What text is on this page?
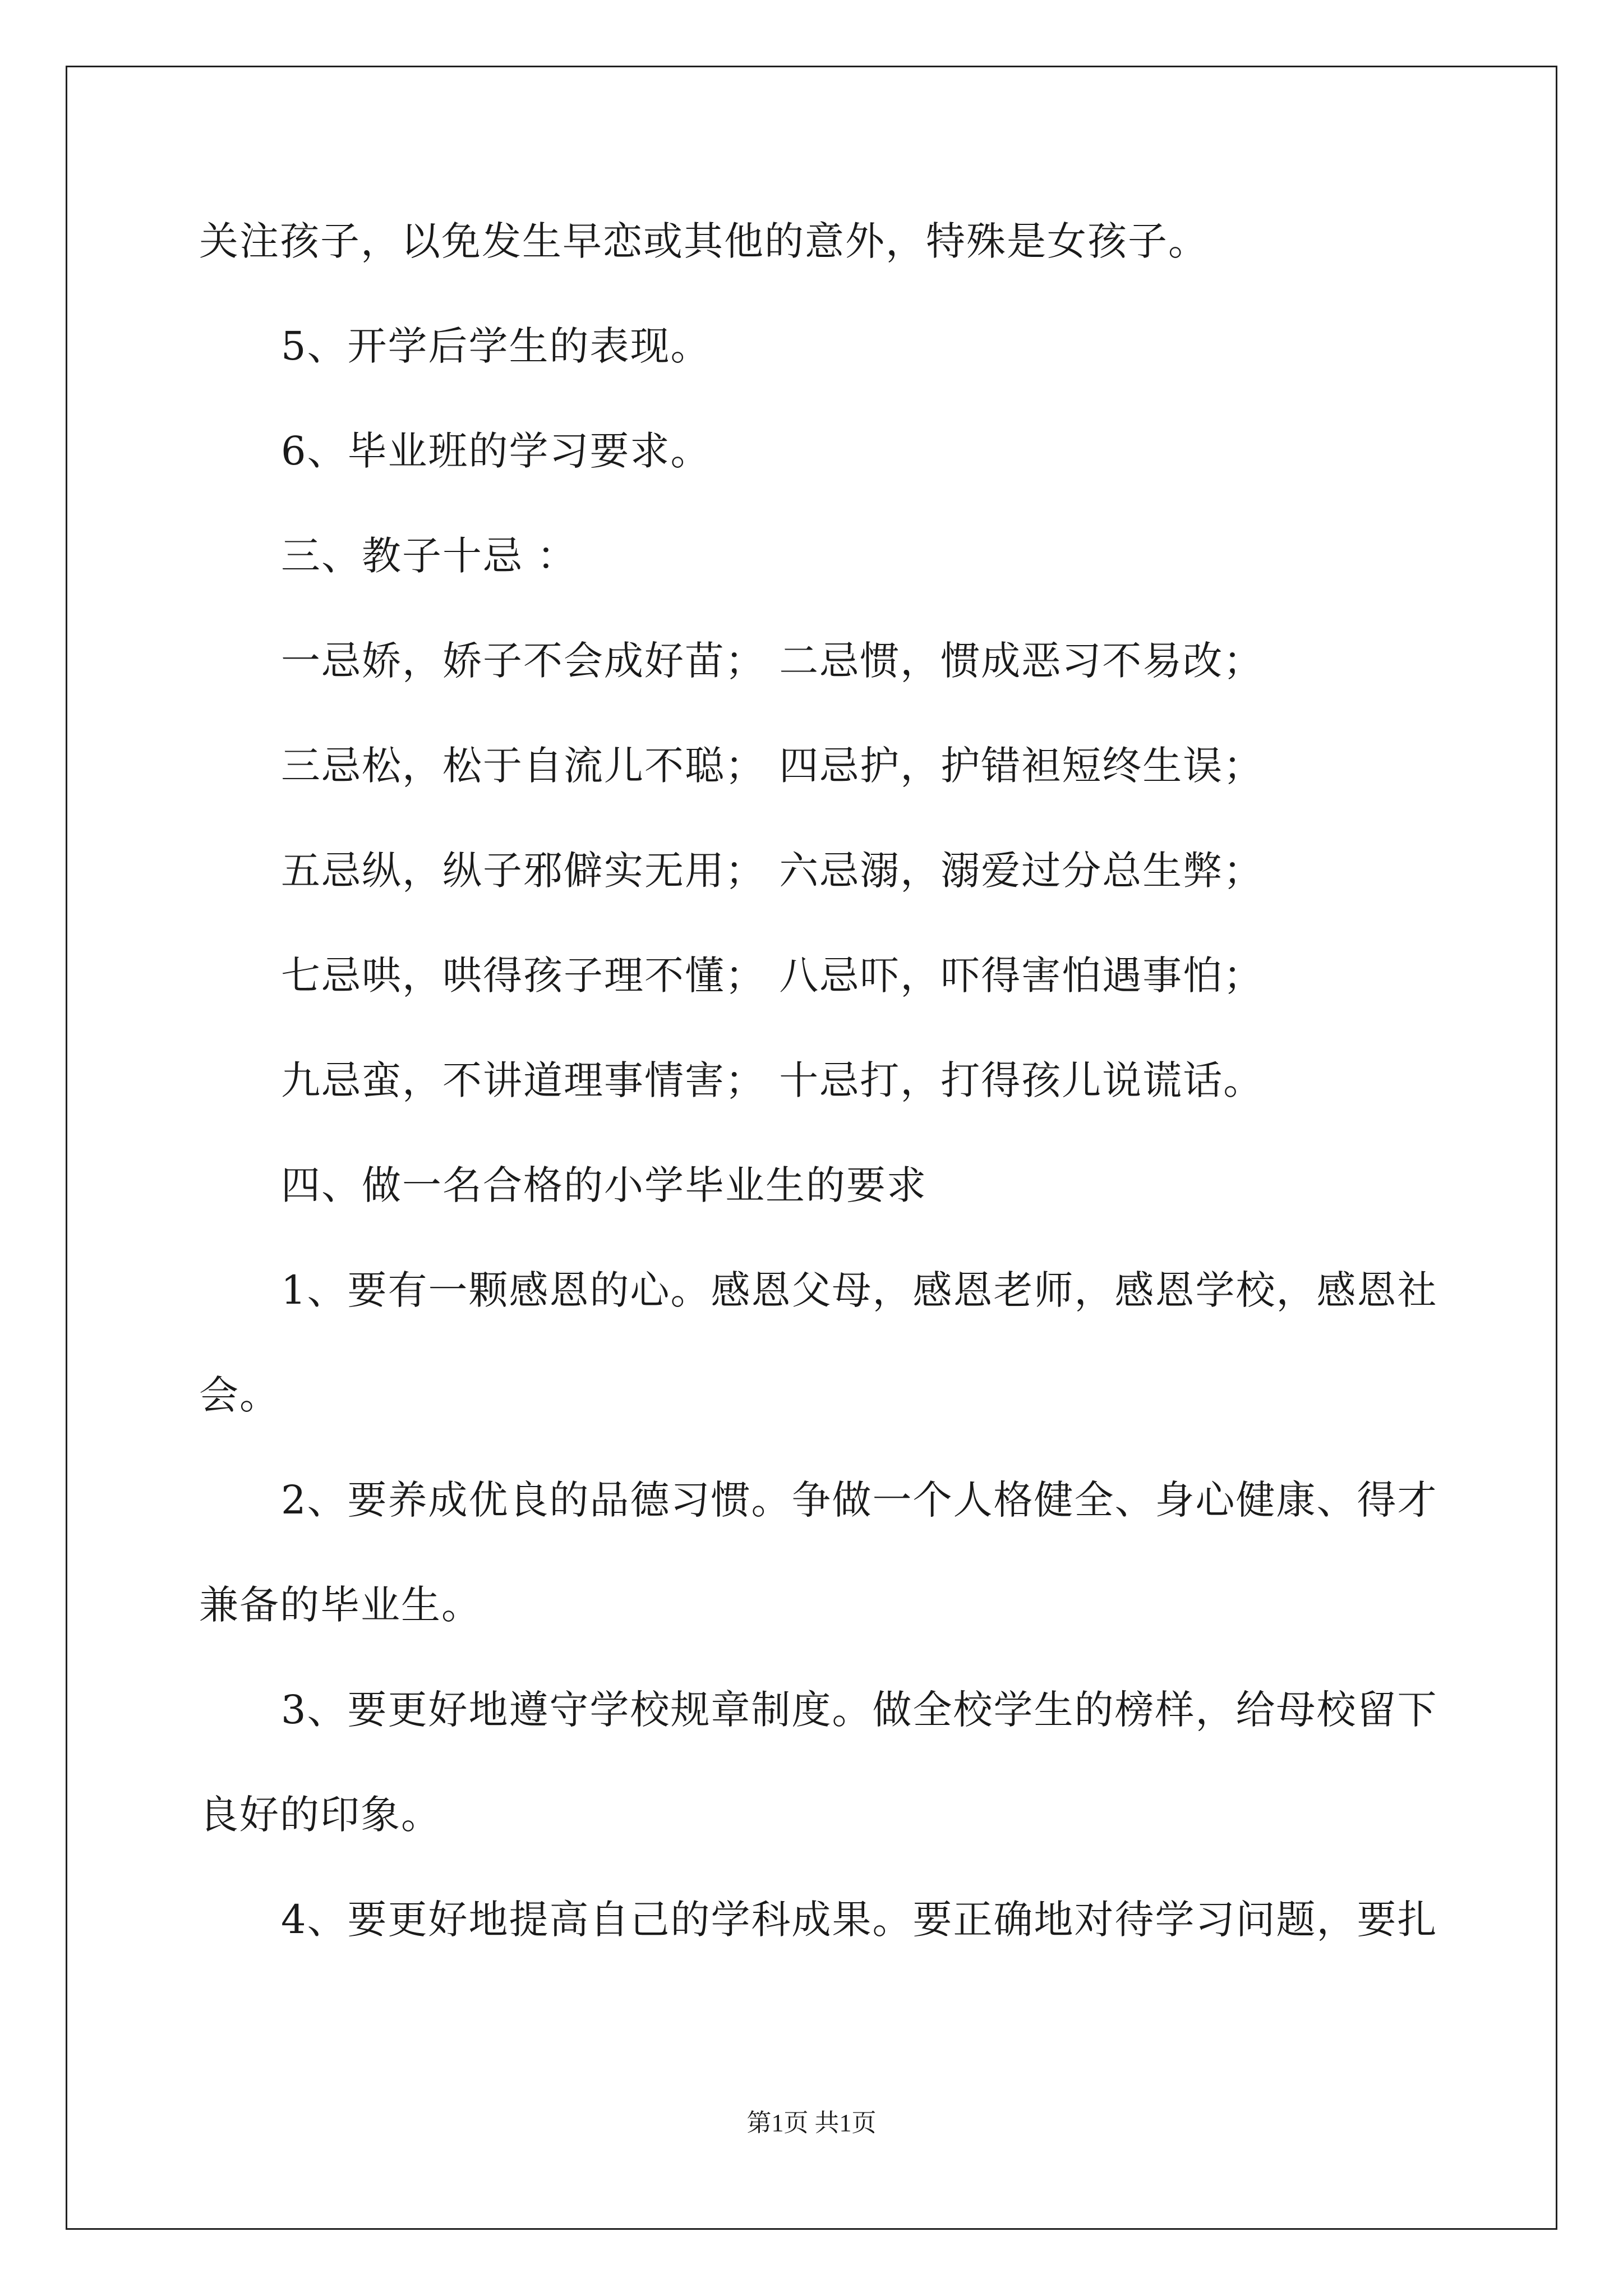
关注孩子，以免发生早恋或其他的意外，特殊是女孩子。
5、开学后学生的表现。
6、毕业班的学习要求。
三、教子十忌 ：
一忌娇，娇子不会成好苗； 二忌惯，惯成恶习不易改；
三忌松，松于自流儿不聪； 四忌护，护错袒短终生误；
五忌纵，纵子邪僻实无用； 六忌溺，溺爱过分总生弊；
七忌哄，哄得孩子理不懂； 八忌吓，吓得害怕遇事怕；
九忌蛮，不讲道理事情害； 十忌打，打得孩儿说谎话。
四、做一名合格的小学毕业生的要求
1、要有一颗感恩的心。感恩父母，感恩老师，感恩学校，感恩社
会。
2、要养成优良的品德习惯。争做一个人格健全、身心健康、得才
兼备的毕业生。
3、要更好地遵守学校规章制度。做全校学生的榜样，给母校留下
良好的印象。
4、要更好地提高自己的学科成果。要正确地对待学习问题，要扎
第1页 共1页
